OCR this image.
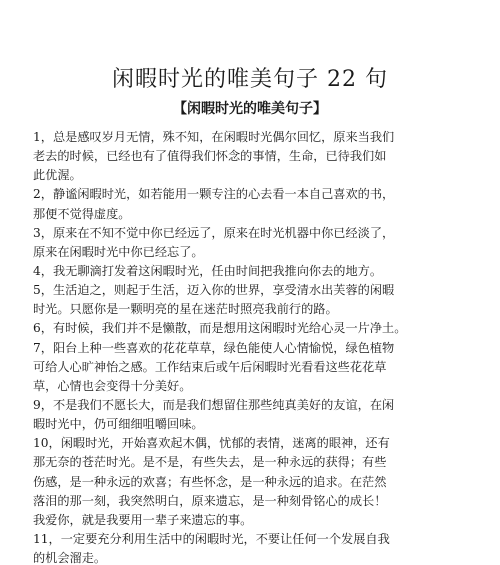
闲暇时光的唯美句子 22 句
【闲暇时光的唯美句子】
1，总是感叹岁月无情，殊不知，在闲暇时光偶尔回忆，原来当我们
老去的时候，已经也有了值得我们怀念的事情，生命，已待我们如
此优渥。
2，静谧闲暇时光，如若能用一颗专注的心去看一本自己喜欢的书，
那便不觉得虚度。
3，原来在不知不觉中你已经远了，原来在时光机器中你已经淡了，
原来在闲暇时光中你已经忘了。
4，我无聊滴打发着这闲暇时光，任由时间把我推向你去的地方。
5，生活迫之，则起于生活，迈入你的世界，享受清水出芙蓉的闲暇
时光。只愿你是一颗明亮的星在迷茫时照亮我前行的路。
6，有时候，我们并不是懒散，而是想用这闲暇时光给心灵一片净土。
7，阳台上种一些喜欢的花花草草，绿色能使人心情愉悦，绿色植物
可给人心旷神怡之感。工作结束后或午后闲暇时光看看这些花花草
草，心情也会变得十分美好。
9，不是我们不愿长大，而是我们想留住那些纯真美好的友谊，在闲
暇时光中，仍可细细咀嚼回味。
10，闲暇时光，开始喜欢起木偶，忧郁的表情，迷离的眼神，还有
那无奈的苍茫时光。是不是，有些失去，是一种永远的获得；有些
伤感，是一种永远的欢喜；有些怀念，是一种永远的追求。在茫然
落泪的那一刻，我突然明白，原来遗忘，是一种刻骨铭心的成长！
我爱你，就是我要用一辈子来遗忘的事。
11，一定要充分利用生活中的闲暇时光，不要让任何一个发展自我
的机会溜走。
